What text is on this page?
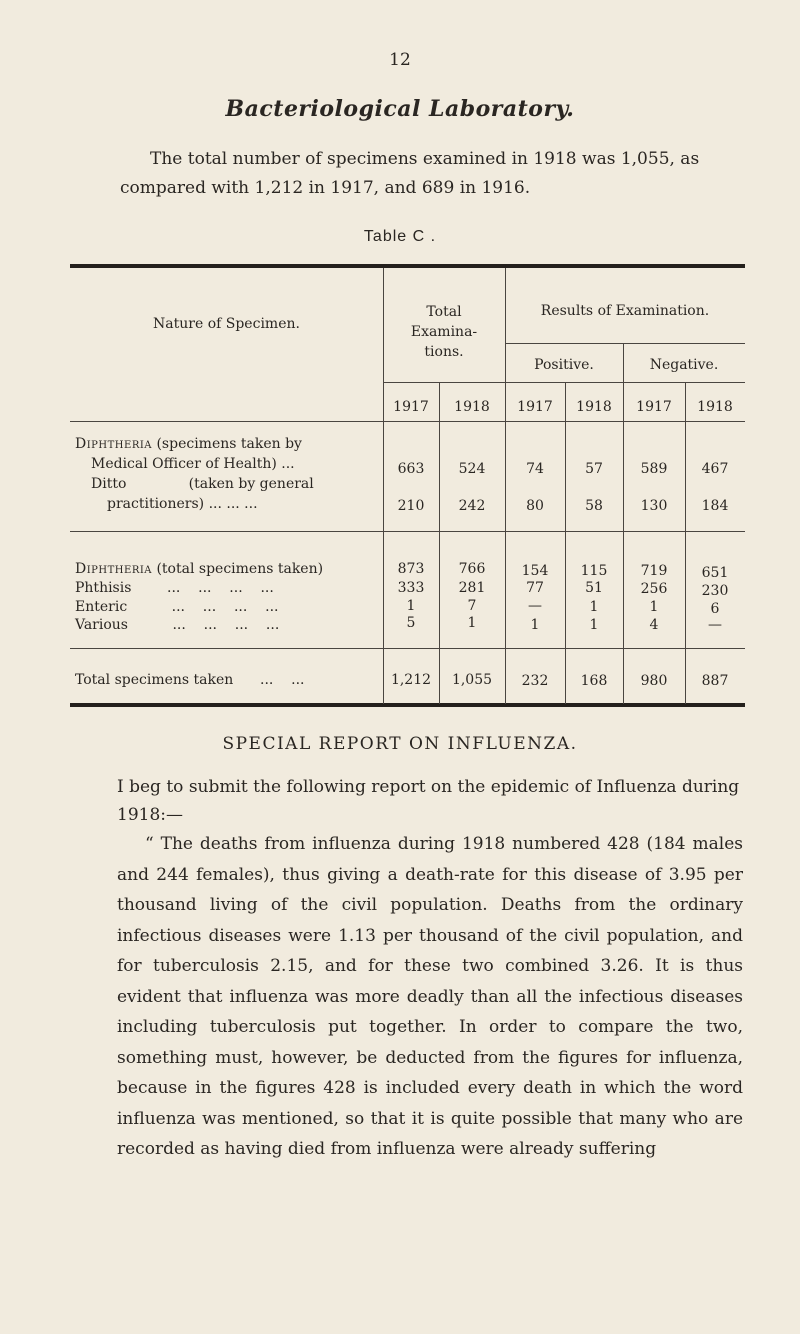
12
Bacteriological Laboratory.
The total number of specimens examined in 1918 was 1,055, as compared with 1,212 in 1917, and 689 in 1916.
Table C .
Nature of Specimen.
Total
Examina-
tions.
Results of Examination.
Positive.	Negative.
1917	1918	1917	1918	1917	1918
Diphtheria (specimens taken by
Medical Officer of Health) ...	663	524	74	57	589	467
Ditto              (taken by general
practitioners) ... ... ...	210	242	80	58	130	184
Diphtheria (total specimens taken)	873	766	154	115	719	651
Phthisis        ...    ...    ...    ...	333	281	77	51	256	230
Enteric          ...    ...    ...    ...	1	7	—	1	1	6
Various          ...    ...    ...    ...	5	1	1	1	4	—
Total specimens taken      ...    ...	1,212	1,055	232	168	980	887
SPECIAL REPORT ON INFLUENZA.
I beg to submit the following report on the epidemic of Influenza during 1918:—
“ The deaths from influenza during 1918 numbered 428 (184 males and 244 females), thus giving a death-rate for this disease of 3.95 per thousand living of the civil population. Deaths from the ordinary infectious diseases were 1.13 per thousand of the civil population, and for tuberculosis 2.15, and for these two combined 3.26. It is thus evident that influenza was more deadly than all the infectious diseases including tuberculosis put together. In order to compare the two, something must, however, be deducted from the figures for influenza, because in the figures 428 is included every death in which the word influenza was mentioned, so that it is quite possible that many who are recorded as having died from influenza were already suffering
